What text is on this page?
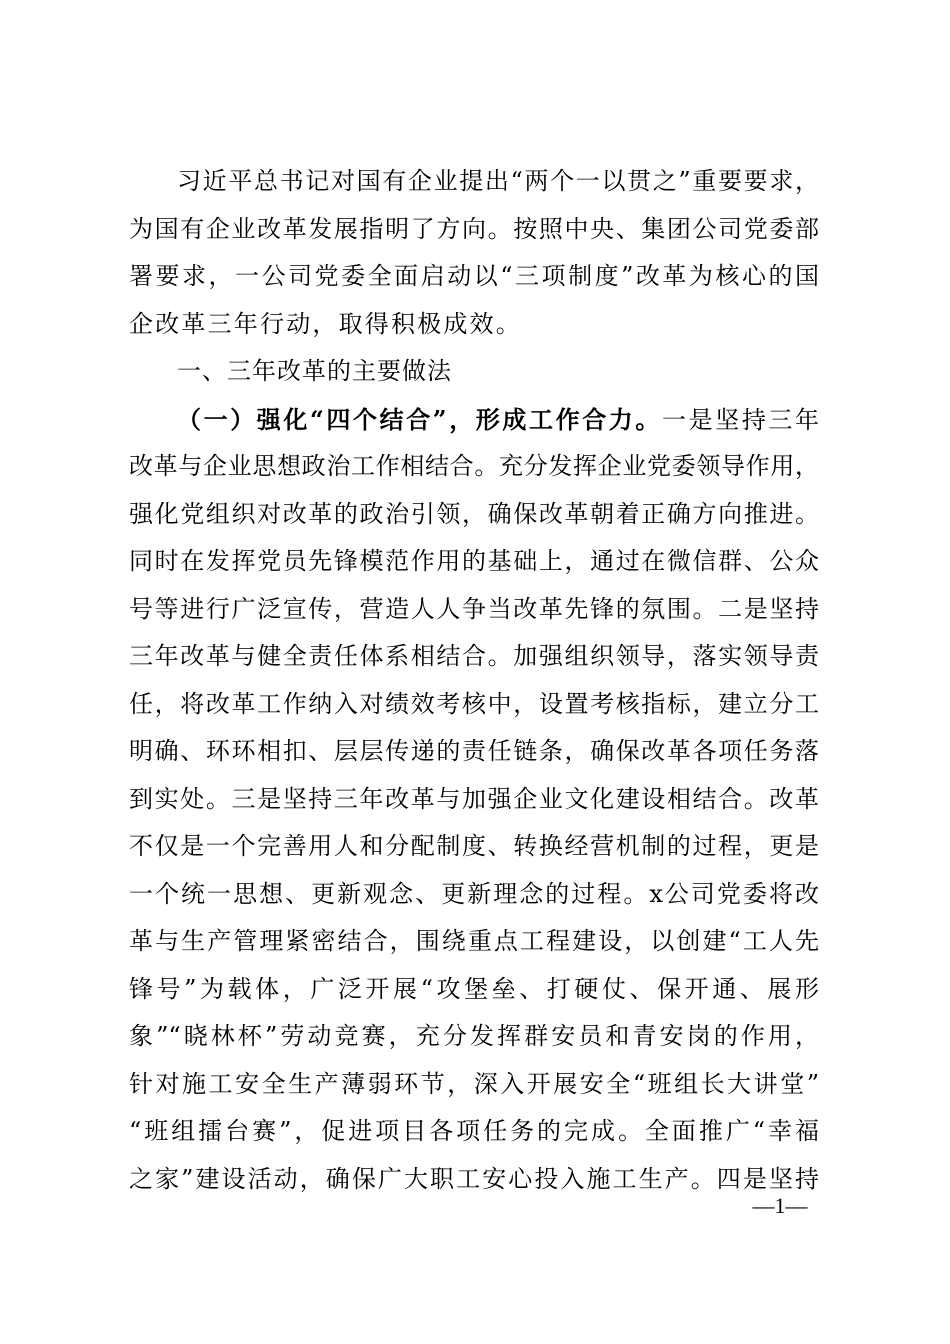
习近平总书记对国有企业提出“两个一以贯之”重要要求，
为国有企业改革发展指明了方向。按照中央、集团公司党委部
署要求，一公司党委全面启动以“三项制度”改革为核心的国
企改革三年行动，取得积极成效。
一、三年改革的主要做法
（一）强化“四个结合”，形成工作合力。一是坚持三年
改革与企业思想政治工作相结合。充分发挥企业党委领导作用，
强化党组织对改革的政治引领，确保改革朝着正确方向推进。
同时在发挥党员先锋模范作用的基础上，通过在微信群、公众
号等进行广泛宣传，营造人人争当改革先锋的氛围。二是坚持
三年改革与健全责任体系相结合。加强组织领导，落实领导责
任，将改革工作纳入对绩效考核中，设置考核指标，建立分工
明确、环环相扣、层层传递的责任链条，确保改革各项任务落
到实处。三是坚持三年改革与加强企业文化建设相结合。改革
不仅是一个完善用人和分配制度、转换经营机制的过程，更是
一个统一思想、更新观念、更新理念的过程。x公司党委将改
革与生产管理紧密结合，围绕重点工程建设，以创建“工人先
锋号”为载体，广泛开展“攻堡垒、打硬仗、保开通、展形
象”“晓林杯”劳动竞赛，充分发挥群安员和青安岗的作用，
针对施工安全生产薄弱环节，深入开展安全“班组长大讲堂”
“班组擂台赛”，促进项目各项任务的完成。全面推广“幸福
之家”建设活动，确保广大职工安心投入施工生产。四是坚持
—1—
